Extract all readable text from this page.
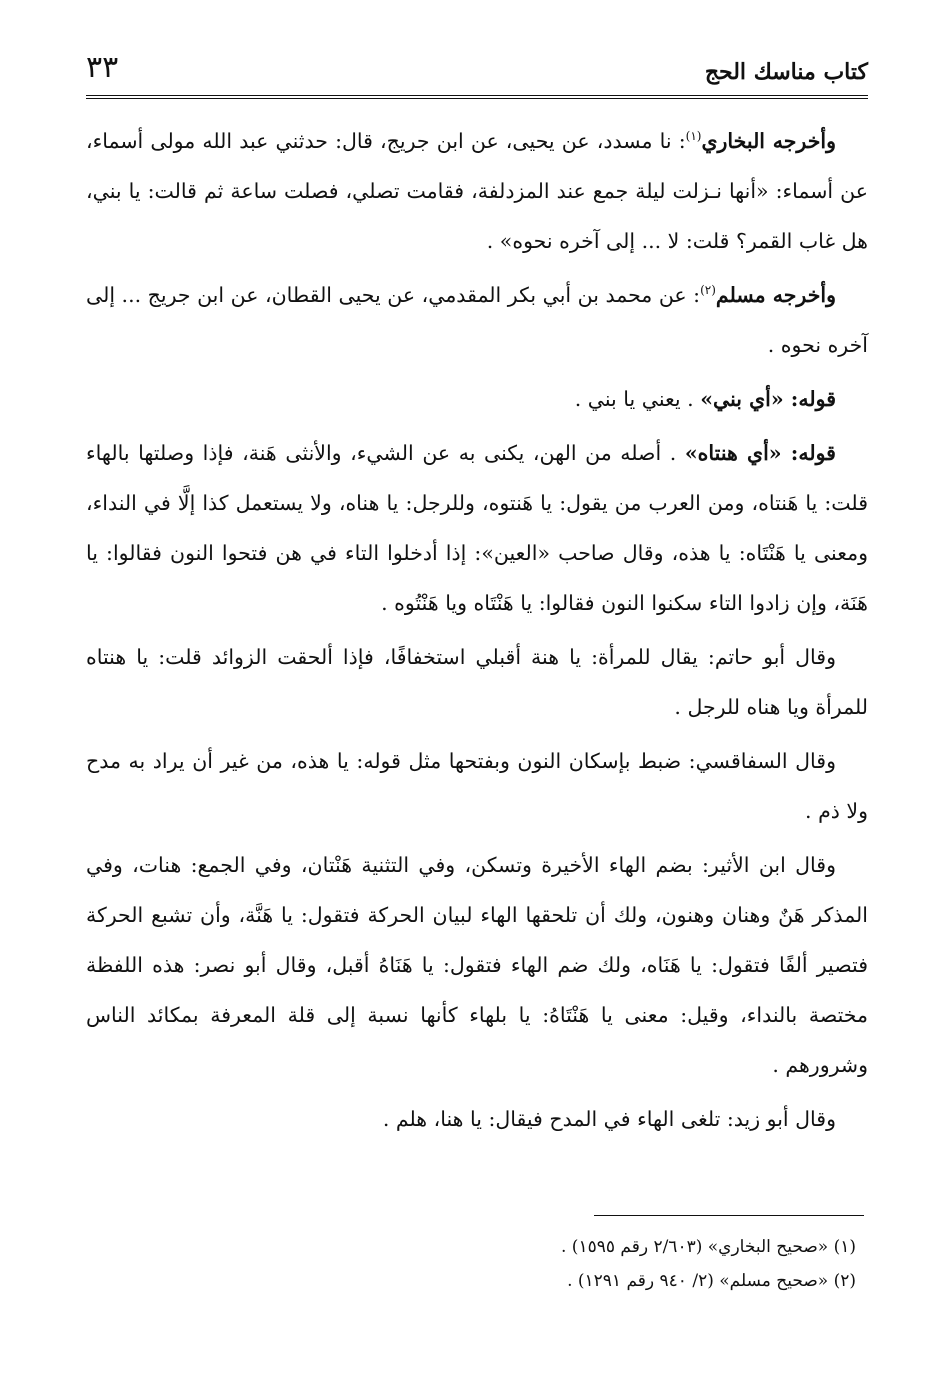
٣٣	كتاب مناسك الحج

وأخرجه البخاري$^{(١)}$: نا مسدد، عن يحيى، عن ابن جريج، قال: حدثني عبد الله مولى أسماء، عن أسماء: «أنها نـزلت ليلة جمع عند المزدلفة، فقامت تصلي، فصلت ساعة ثم قالت: يا بني، هل غاب القمر؟ قلت: لا ... إلى آخره نحوه» .

وأخرجه مسلم$^{(٢)}$: عن محمد بن أبي بكر المقدمي، عن يحيى القطان، عن ابن جريج ... إلى آخره نحوه .

قوله: «أي بني» . يعني يا بني .

قوله: «أي هنتاه» . أصله من الهن، يكنى به عن الشيء، والأنثى هَنة، فإذا وصلتها بالهاء قلت: يا هَنتاه، ومن العرب من يقول: يا هَنتوه، وللرجل: يا هناه، ولا يستعمل كذا إلَّا في النداء، ومعنى يا هَنْتَاه: يا هذه، وقال صاحب «العين»: إذا أدخلوا التاء في هن فتحوا النون فقالوا: يا هَنَة، وإن زادوا التاء سكنوا النون فقالوا: يا هَنْتَاه ويا هَنْتُوه .

وقال أبو حاتم: يقال للمرأة: يا هنة أقبلي استخفافًا، فإذا ألحقت الزوائد قلت: يا هنتاه للمرأة ويا هناه للرجل .

وقال السفاقسي: ضبط بإسكان النون وبفتحها مثل قوله: يا هذه، من غير أن يراد به مدح ولا ذم .

وقال ابن الأثير: بضم الهاء الأخيرة وتسكن، وفي التثنية هَنْتان، وفي الجمع: هنات، وفي المذكر هَنٌ وهنان وهنون، ولك أن تلحقها الهاء لبيان الحركة فتقول: يا هَنَّة، وأن تشبع الحركة فتصير ألفًا فتقول: يا هَنَاه، ولك ضم الهاء فتقول: يا هَنَاهُ أقبل، وقال أبو نصر: هذه اللفظة مختصة بالنداء، وقيل: معنى يا هَنْتَاهُ: يا بلهاء كأنها نسبة إلى قلة المعرفة بمكائد الناس وشرورهم .

وقال أبو زيد: تلغى الهاء في المدح فيقال: يا هنا، هلم .

(١) «صحيح البخاري» (٢/٦٠٣ رقم ١٥٩٥) .

(٢) «صحيح مسلم» (٢/ ٩٤٠ رقم ١٢٩١) .
